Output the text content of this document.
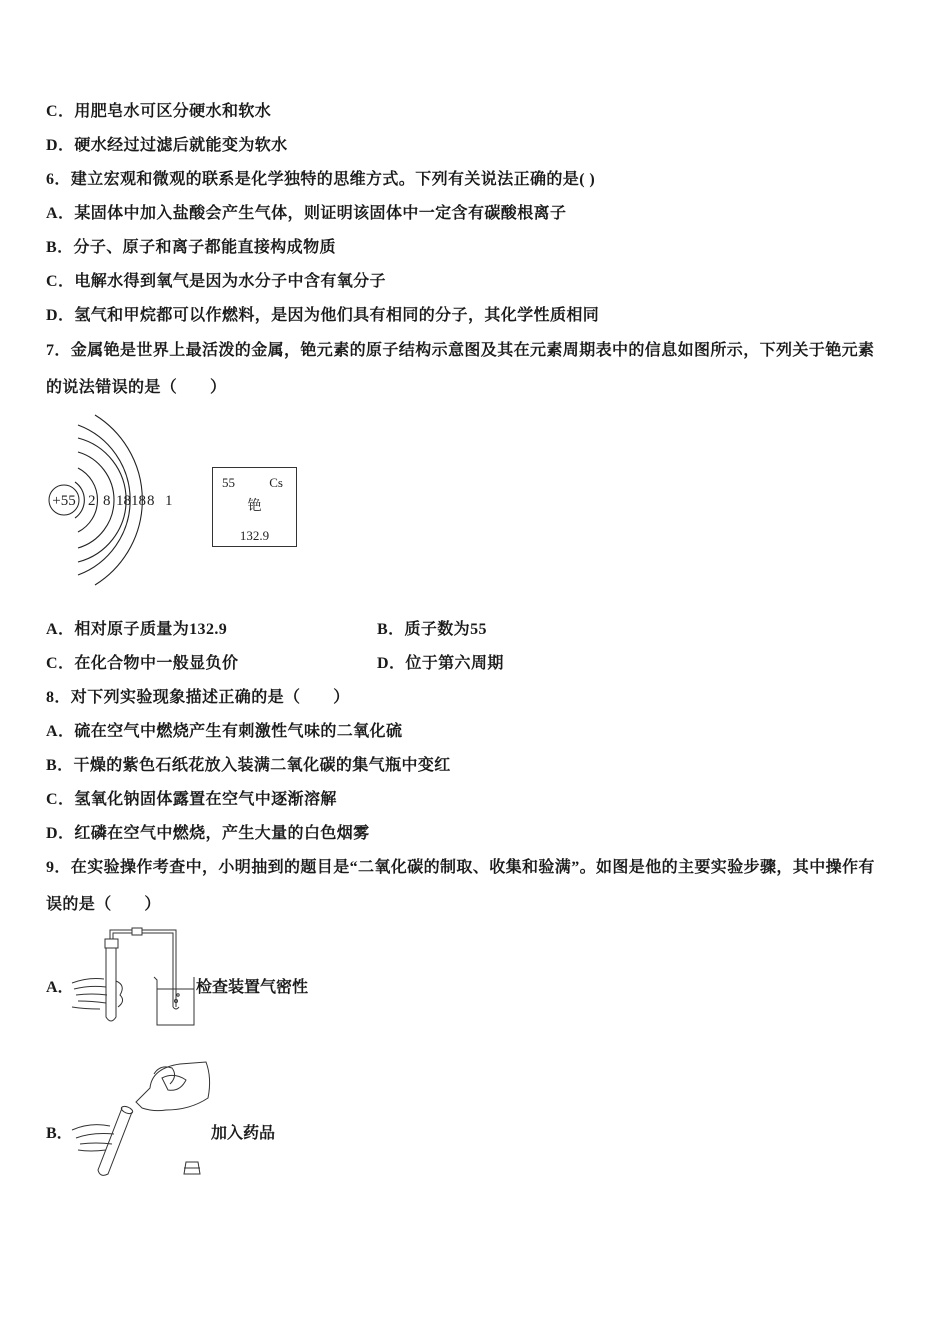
C．用肥皂水可区分硬水和软水
D．硬水经过过滤后就能变为软水
6．建立宏观和微观的联系是化学独特的思维方式。下列有关说法正确的是( )
A．某固体中加入盐酸会产生气体，则证明该固体中一定含有碳酸根离子
B．分子、原子和离子都能直接构成物质
C．电解水得到氧气是因为水分子中含有氧分子
D．氢气和甲烷都可以作燃料，是因为他们具有相同的分子，其化学性质相同
7．金属铯是世界上最活泼的金属，铯元素的原子结构示意图及其在元素周期表中的信息如图所示，下列关于铯元素
的说法错误的是（　　）
+55 2 8 18 18 8 1
55	Cs
铯
132.9
A．相对原子质量为132.9	B．质子数为55
C．在化合物中一般显负价	D．位于第六周期
8．对下列实验现象描述正确的是（　　）
A．硫在空气中燃烧产生有刺激性气味的二氧化硫
B．干燥的紫色石纸花放入装满二氧化碳的集气瓶中变红
C．氢氧化钠固体露置在空气中逐渐溶解
D．红磷在空气中燃烧，产生大量的白色烟雾
9．在实验操作考查中，小明抽到的题目是“二氧化碳的制取、收集和验满”。如图是他的主要实验步骤，其中操作有
误的是（　　）
A．	检查装置气密性
B．	加入药品
